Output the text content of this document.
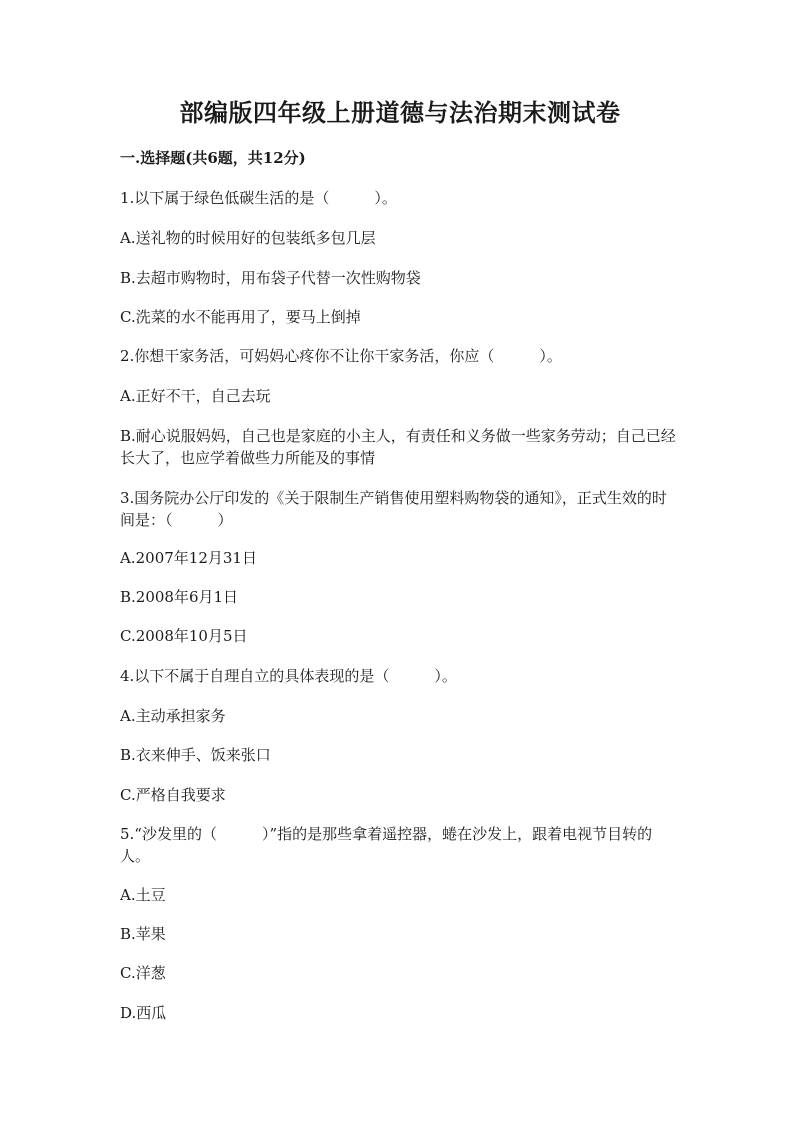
部编版四年级上册道德与法治期末测试卷

一.选择题(共6题，共12分)

1.以下属于绿色低碳生活的是（　　　）。

A.送礼物的时候用好的包装纸多包几层

B.去超市购物时，用布袋子代替一次性购物袋

C.洗菜的水不能再用了，要马上倒掉

2.你想干家务活，可妈妈心疼你不让你干家务活，你应（　　　）。

A.正好不干，自己去玩

B.耐心说服妈妈，自己也是家庭的小主人，有责任和义务做一些家务劳动；自己已经长大了，也应学着做些力所能及的事情

3.国务院办公厅印发的《关于限制生产销售使用塑料购物袋的通知》，正式生效的时间是：（　　　）

A.2007年12月31日

B.2008年6月1日

C.2008年10月5日

4.以下不属于自理自立的具体表现的是（　　　）。

A.主动承担家务

B.衣来伸手、饭来张口

C.严格自我要求

5.“沙发里的（　　　）”指的是那些拿着遥控器，蜷在沙发上，跟着电视节目转的人。

A.土豆

B.苹果

C.洋葱

D.西瓜
